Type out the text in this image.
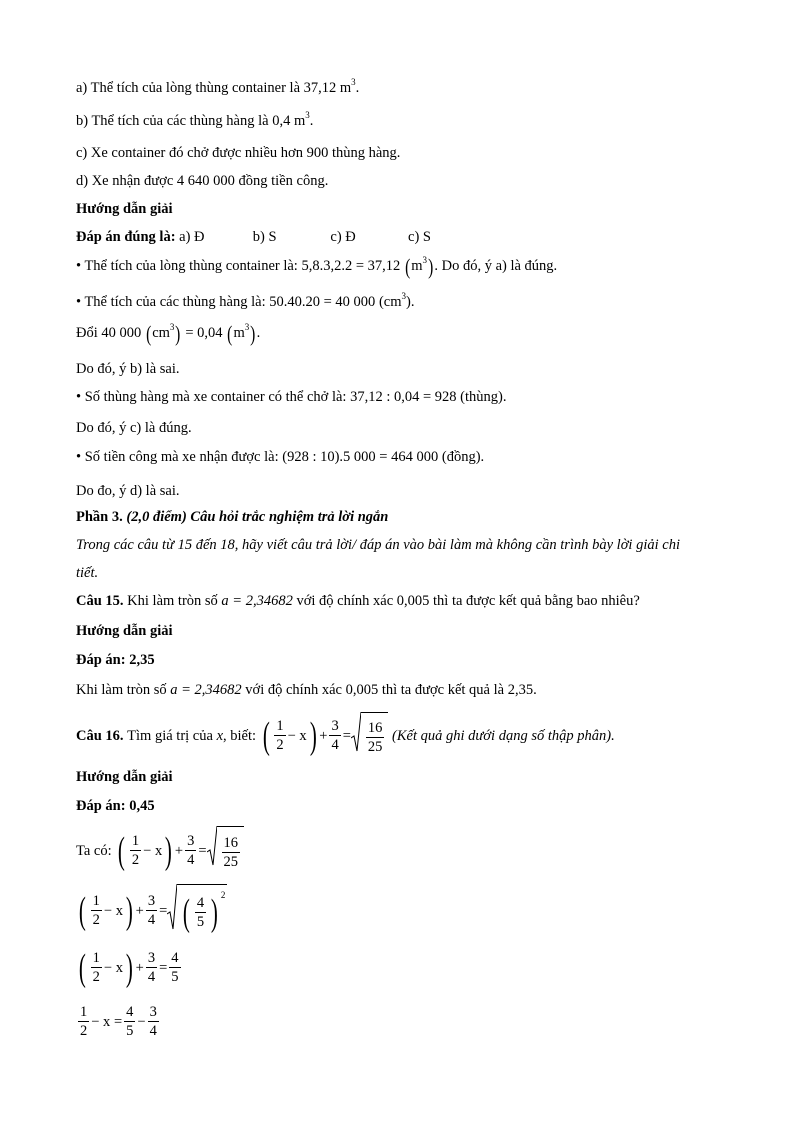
a) Thể tích của lòng thùng container là 37,12 $m^3$.
b) Thể tích của các thùng hàng là 0,4 $m^3$.
c) Xe container đó chở được nhiều hơn 900 thùng hàng.
d) Xe nhận được 4 640 000 đồng tiền công.
Hướng dẫn giải
Đáp án đúng là: a) Đ	b) S	c) Đ	c) S
• Thể tích của lòng thùng container là: 5,8.3,2.2 = 37,12 $(m^3)$. Do đó, ý a) là đúng.
• Thể tích của các thùng hàng là: 50.40.20 = 40 000 $(cm^3)$.
Đổi 40 000 $(cm^3) = 0,04$ $(m^3)$.
Do đó, ý b) là sai.
• Số thùng hàng mà xe container có thể chở là: 37,12 : 0,04 = 928 (thùng).
Do đó, ý c) là đúng.
• Số tiền công mà xe nhận được là: (928 : 10).5 000 = 464 000 (đồng).
Do đo, ý d) là sai.
Phần 3. (2,0 điểm) Câu hỏi trắc nghiệm trả lời ngắn
Trong các câu từ 15 đến 18, hãy viết câu trả lời/ đáp án vào bài làm mà không cần trình bày lời giải chi
tiết.
Câu 15. Khi làm tròn số a = 2,34682 với độ chính xác 0,005 thì ta được kết quả bằng bao nhiêu?
Hướng dẫn giải
Đáp án: 2,35
Khi làm tròn số a = 2,34682 với độ chính xác 0,005 thì ta được kết quả là 2,35.
Câu 16. Tìm giá trị của x, biết: ( $\frac{1}{2} - x) + \frac{3}{4} = \frac{16}{25}$ (Kết quả ghi dưới dạng số thập phân).
Hướng dẫn giải
Đáp án: 0,45
Ta có: ( $\frac{1}{2} - x) + \frac{3}{4} = \frac{16}{25}$
( $\frac{1}{2} - x) + \frac{3}{4}$ = ( $\frac{4}{5}$ ) $^2$
( $\frac{1}{2} - x) + \frac{3}{4} = \frac{4}{5}$
$\frac{1}{2} - x = \frac{4}{5} - \frac{3}{4}$
